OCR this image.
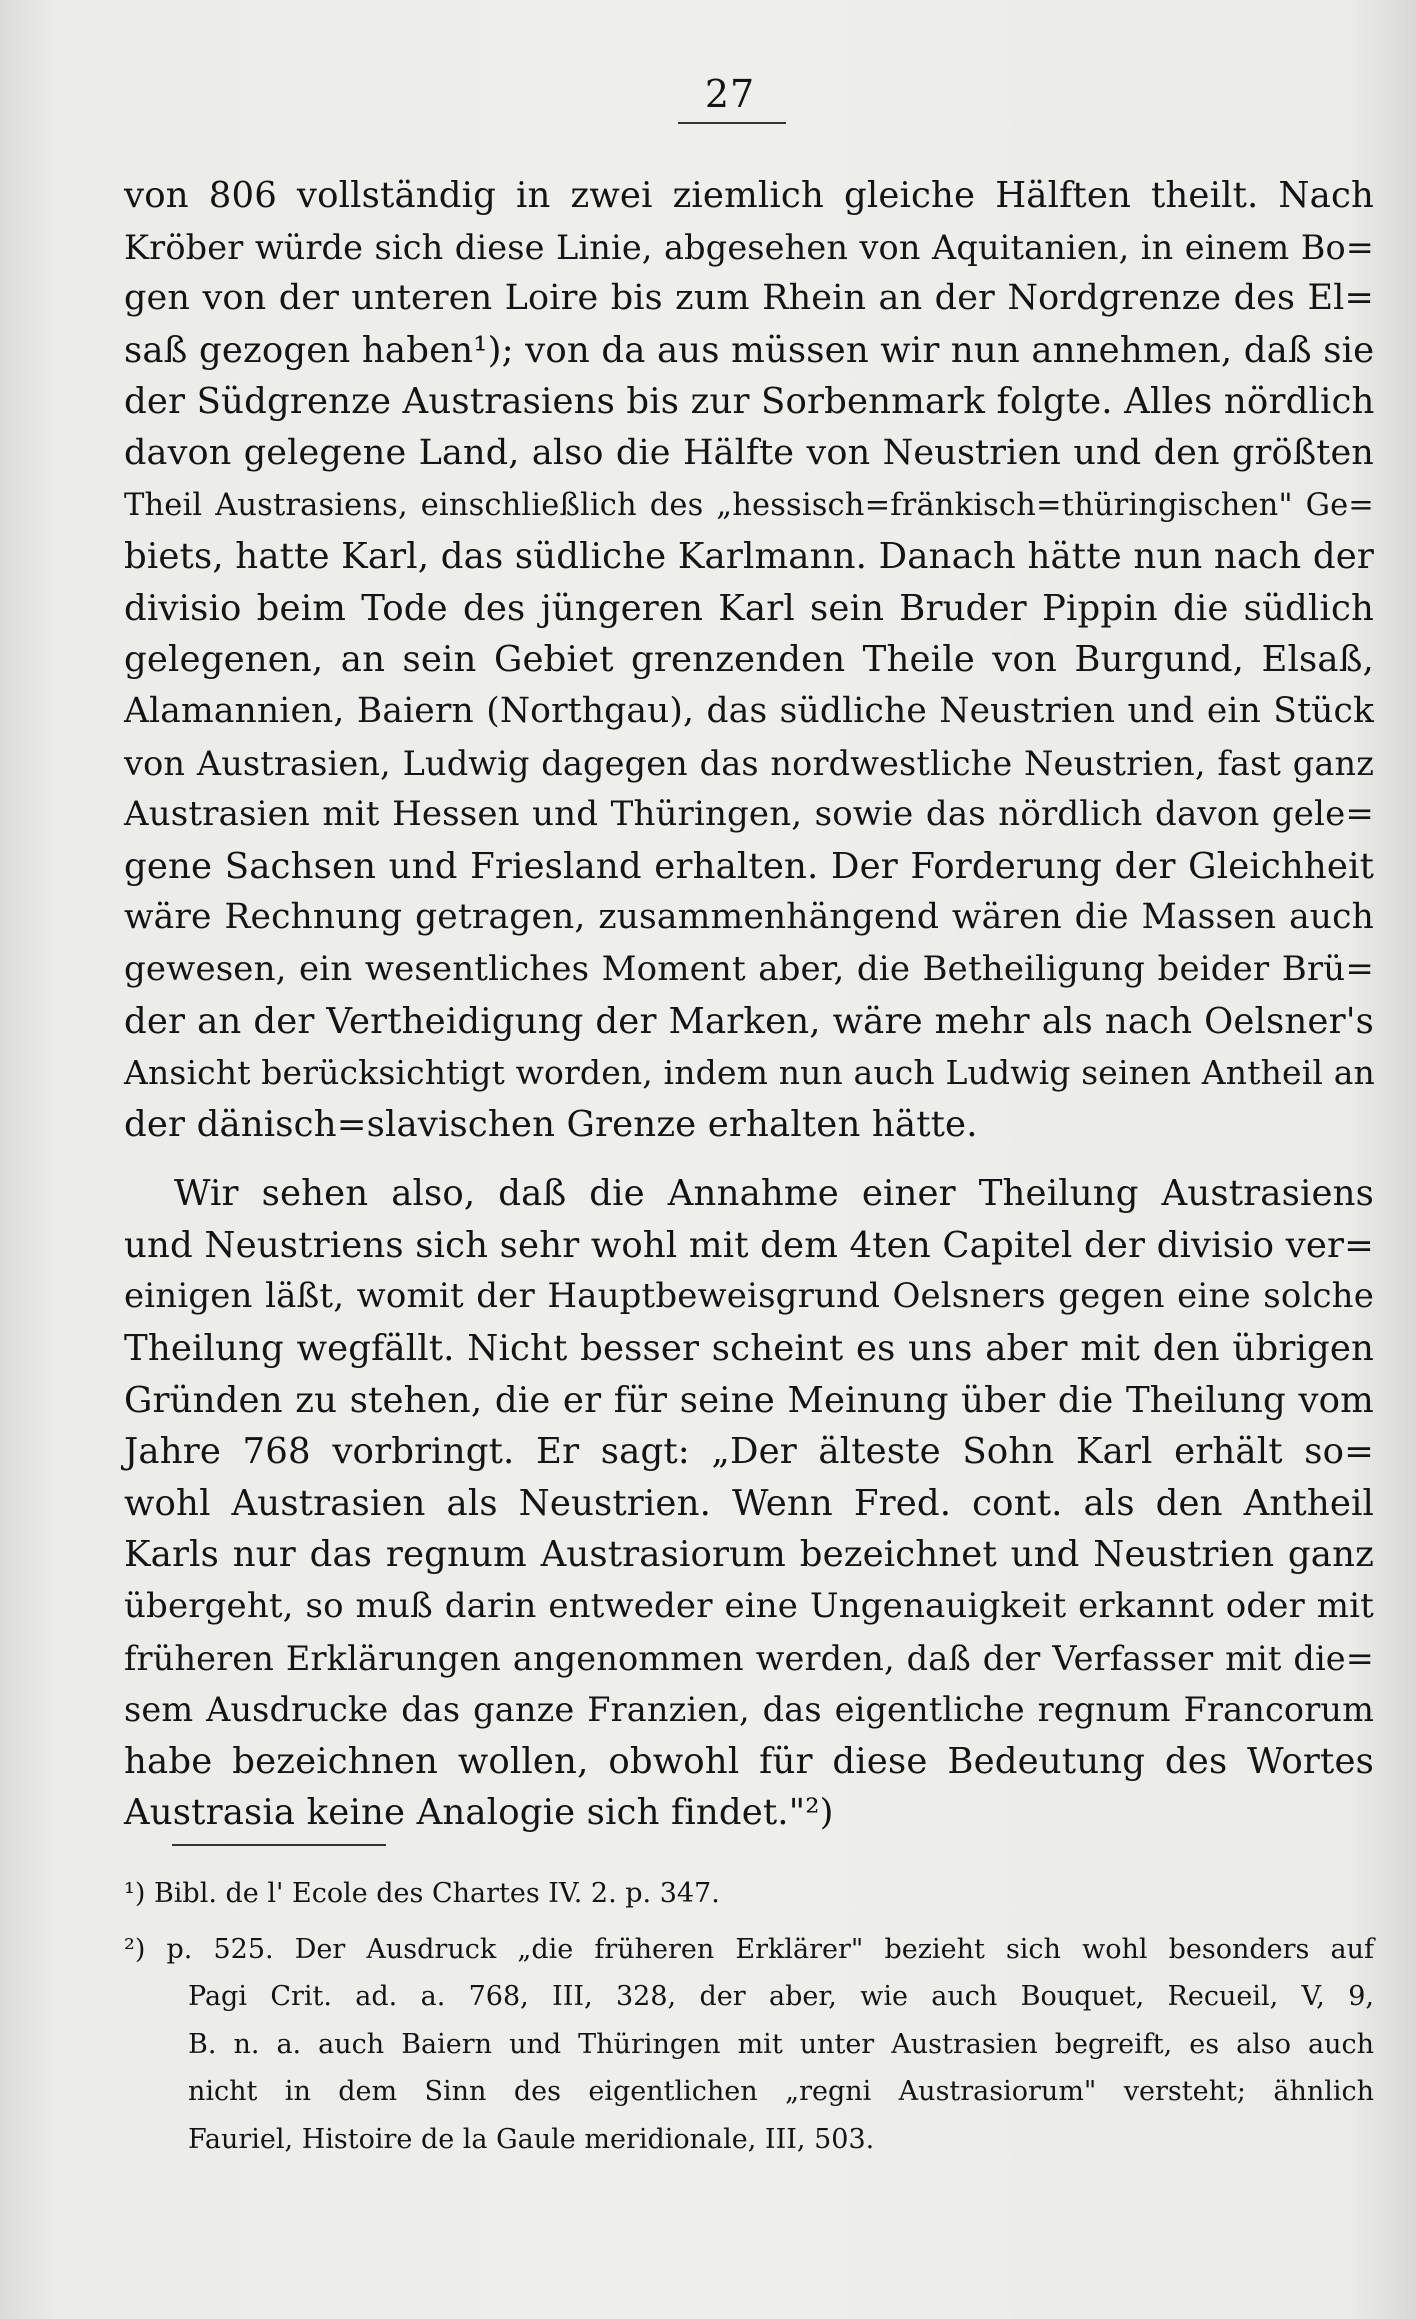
27
von 806 vollständig in zwei ziemlich gleiche Hälften theilt. Nach
Kröber würde sich diese Linie, abgesehen von Aquitanien, in einem Bo=
gen von der unteren Loire bis zum Rhein an der Nordgrenze des El=
saß gezogen haben¹); von da aus müssen wir nun annehmen, daß sie
der Südgrenze Austrasiens bis zur Sorbenmark folgte. Alles nördlich
davon gelegene Land, also die Hälfte von Neustrien und den größten
Theil Austrasiens, einschließlich des „hessisch=fränkisch=thüringischen" Ge=
biets, hatte Karl, das südliche Karlmann. Danach hätte nun nach der
divisio beim Tode des jüngeren Karl sein Bruder Pippin die südlich
gelegenen, an sein Gebiet grenzenden Theile von Burgund, Elsaß,
Alamannien, Baiern (Northgau), das südliche Neustrien und ein Stück
von Austrasien, Ludwig dagegen das nordwestliche Neustrien, fast ganz
Austrasien mit Hessen und Thüringen, sowie das nördlich davon gele=
gene Sachsen und Friesland erhalten. Der Forderung der Gleichheit
wäre Rechnung getragen, zusammenhängend wären die Massen auch
gewesen, ein wesentliches Moment aber, die Betheiligung beider Brü=
der an der Vertheidigung der Marken, wäre mehr als nach Oelsner's
Ansicht berücksichtigt worden, indem nun auch Ludwig seinen Antheil an
der dänisch=slavischen Grenze erhalten hätte.
Wir sehen also, daß die Annahme einer Theilung Austrasiens
und Neustriens sich sehr wohl mit dem 4ten Capitel der divisio ver=
einigen läßt, womit der Hauptbeweisgrund Oelsners gegen eine solche
Theilung wegfällt. Nicht besser scheint es uns aber mit den übrigen
Gründen zu stehen, die er für seine Meinung über die Theilung vom
Jahre 768 vorbringt. Er sagt: „Der älteste Sohn Karl erhält so=
wohl Austrasien als Neustrien. Wenn Fred. cont. als den Antheil
Karls nur das regnum Austrasiorum bezeichnet und Neustrien ganz
übergeht, so muß darin entweder eine Ungenauigkeit erkannt oder mit
früheren Erklärungen angenommen werden, daß der Verfasser mit die=
sem Ausdrucke das ganze Franzien, das eigentliche regnum Francorum
habe bezeichnen wollen, obwohl für diese Bedeutung des Wortes
Austrasia keine Analogie sich findet."²)
¹) Bibl. de l' Ecole des Chartes IV. 2. p. 347.
²) p. 525. Der Ausdruck „die früheren Erklärer" bezieht sich wohl besonders auf
Pagi Crit. ad. a. 768, III, 328, der aber, wie auch Bouquet, Recueil, V, 9,
B. n. a. auch Baiern und Thüringen mit unter Austrasien begreift, es also auch
nicht in dem Sinn des eigentlichen „regni Austrasiorum" versteht; ähnlich
Fauriel, Histoire de la Gaule meridionale, III, 503.
